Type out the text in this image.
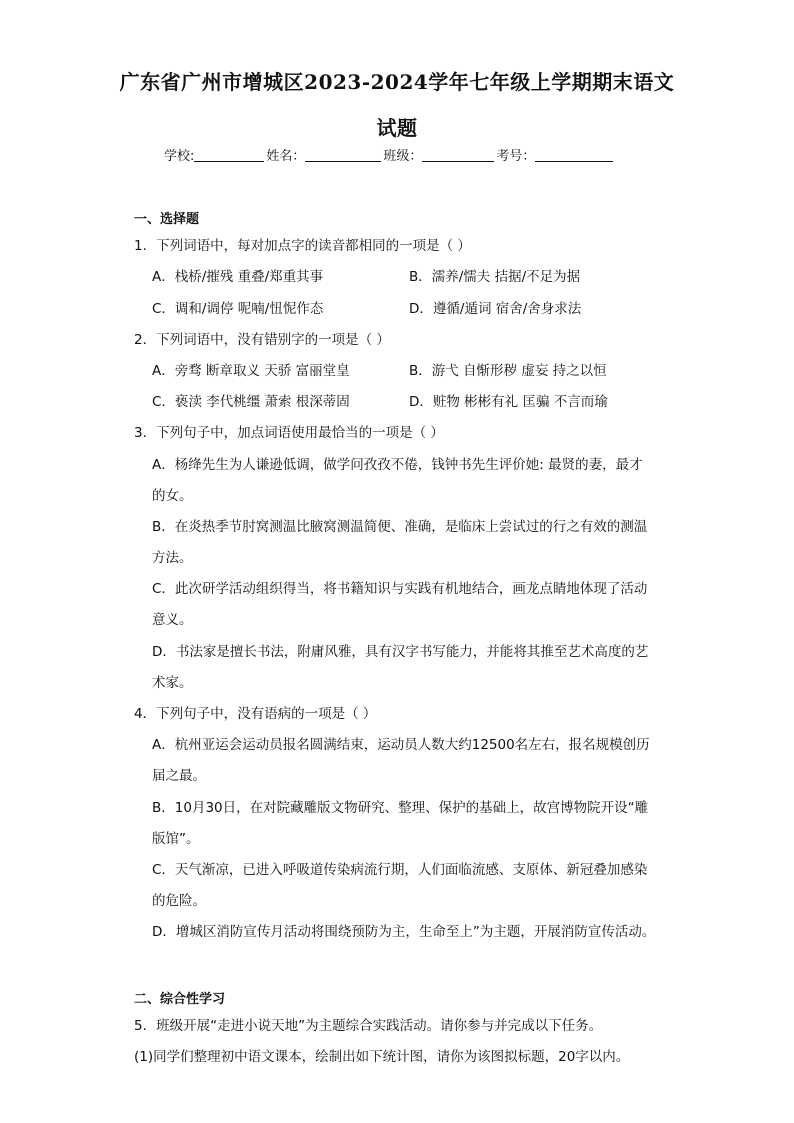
广东省广州市增城区2023-2024学年七年级上学期期末语文
试题
学校:	姓名：	班级：	考号：
一、选择题
1．下列词语中，每对加点字的读音都相同的一项是（ ）
A．栈桥/摧残 重叠/郑重其事	B．濡养/懦夫 拮据/不足为据
C．调和/调停 呢喃/忸怩作态	D．遵循/遁词 宿舍/舍身求法
2．下列词语中，没有错别字的一项是（ ）
A．旁骛 断章取义 天骄 富丽堂皇	B．游弋 自惭形秽 虚妄 持之以恒
C．亵渎 李代桃缰 萧索 根深蒂固	D．赃物 彬彬有礼 匡骗 不言而瑜
3．下列句子中，加点词语使用最恰当的一项是（ ）
A．杨绛先生为人谦逊低调，做学问孜孜不倦，钱钟书先生评价她: 最贤的妻，最才
的女。
B．在炎热季节肘窝测温比腋窝测温简便、准确，是临床上尝试过的行之有效的测温
方法。
C．此次研学活动组织得当，将书籍知识与实践有机地结合，画龙点睛地体现了活动
意义。
D．书法家是擅长书法，附庸风雅，具有汉字书写能力，并能将其推至艺术高度的艺
术家。
4．下列句子中，没有语病的一项是（ ）
A．杭州亚运会运动员报名圆满结束，运动员人数大约12500名左右，报名规模创历
届之最。
B．10月30日，在对院藏雕版文物研究、整理、保护的基础上，故宫博物院开设“雕
版馆”。
C．天气渐凉，已进入呼吸道传染病流行期，人们面临流感、支原体、新冠叠加感染
的危险。
D．增城区消防宣传月活动将围绕预防为主，生命至上”为主题，开展消防宣传活动。
二、综合性学习
5．班级开展“走进小说天地”为主题综合实践活动。请你参与并完成以下任务。
(1)同学们整理初中语文课本，绘制出如下统计图，请你为该图拟标题，20字以内。
